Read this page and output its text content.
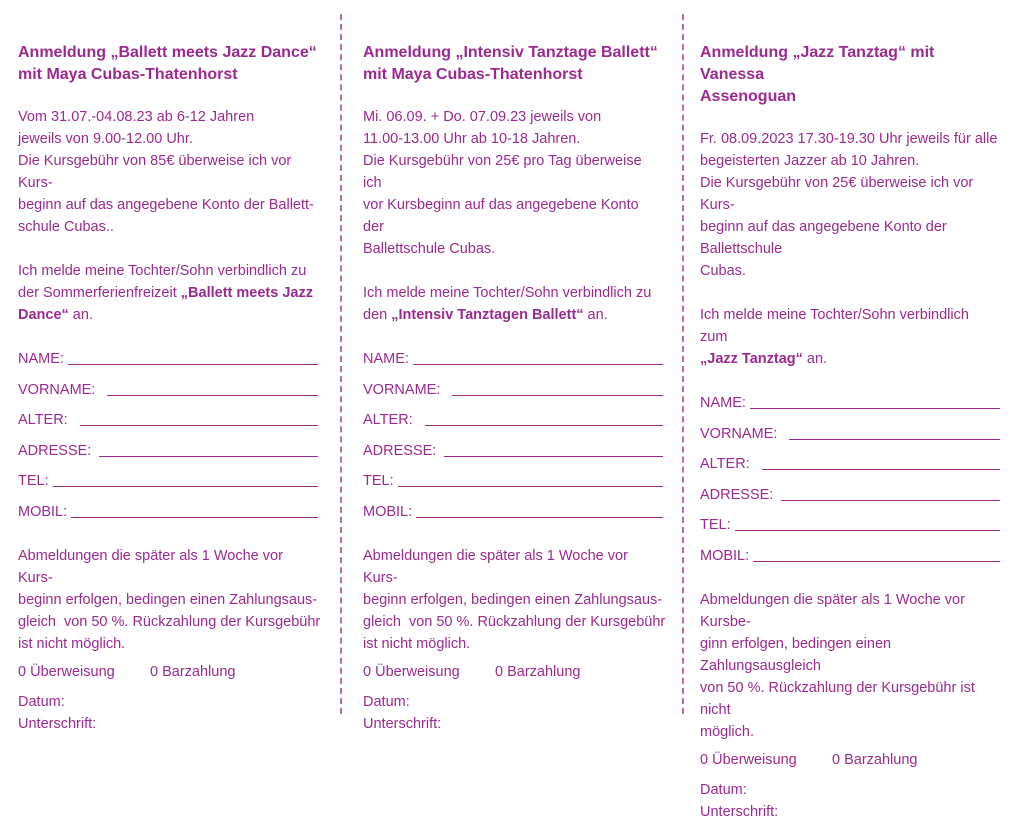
Anmeldung „Ballett meets Jazz Dance“
mit Maya Cubas-Thatenhorst
Vom 31.07.-04.08.23 ab 6-12 Jahren
jeweils von 9.00-12.00 Uhr.
Die Kursgebühr von 85€ überweise ich vor Kurs-
beginn auf das angegebene Konto der Ballett-
schule Cubas..
Ich melde meine Tochter/Sohn verbindlich zu
der Sommerferienfreizeit „Ballett meets Jazz
Dance“ an.
NAME:
VORNAME:
ALTER:
ADRESSE:
TEL:
MOBIL:
Abmeldungen die später als 1 Woche vor Kurs-
beginn erfolgen, bedingen einen Zahlungsaus-
gleich  von 50 %. Rückzahlung der Kursgebühr
ist nicht möglich.
0 Überweisung	0 Barzahlung
Datum:
Unterschrift:
Anmeldung „Intensiv Tanztage Ballett“
mit Maya Cubas-Thatenhorst
Mi. 06.09. + Do. 07.09.23 jeweils von
11.00-13.00 Uhr ab 10-18 Jahren.
Die Kursgebühr von 25€ pro Tag überweise ich
vor Kursbeginn auf das angegebene Konto der
Ballettschule Cubas.
Ich melde meine Tochter/Sohn verbindlich zu
den „Intensiv Tanztagen Ballett“ an.
NAME:
VORNAME:
ALTER:
ADRESSE:
TEL:
MOBIL:
Abmeldungen die später als 1 Woche vor Kurs-
beginn erfolgen, bedingen einen Zahlungsaus-
gleich  von 50 %. Rückzahlung der Kursgebühr
ist nicht möglich.
0 Überweisung	0 Barzahlung
Datum:
Unterschrift:
Anmeldung „Jazz Tanztag“ mit Vanessa
Assenoguan
Fr. 08.09.2023 17.30-19.30 Uhr jeweils für alle
begeisterten Jazzer ab 10 Jahren.
Die Kursgebühr von 25€ überweise ich vor Kurs-
beginn auf das angegebene Konto der Ballettschule
Cubas.
Ich melde meine Tochter/Sohn verbindlich zum
„Jazz Tanztag“ an.
NAME:
VORNAME:
ALTER:
ADRESSE:
TEL:
MOBIL:
Abmeldungen die später als 1 Woche vor Kursbe-
ginn erfolgen, bedingen einen Zahlungsausgleich
von 50 %. Rückzahlung der Kursgebühr ist nicht
möglich.
0 Überweisung	0 Barzahlung
Datum:
Unterschrift:
